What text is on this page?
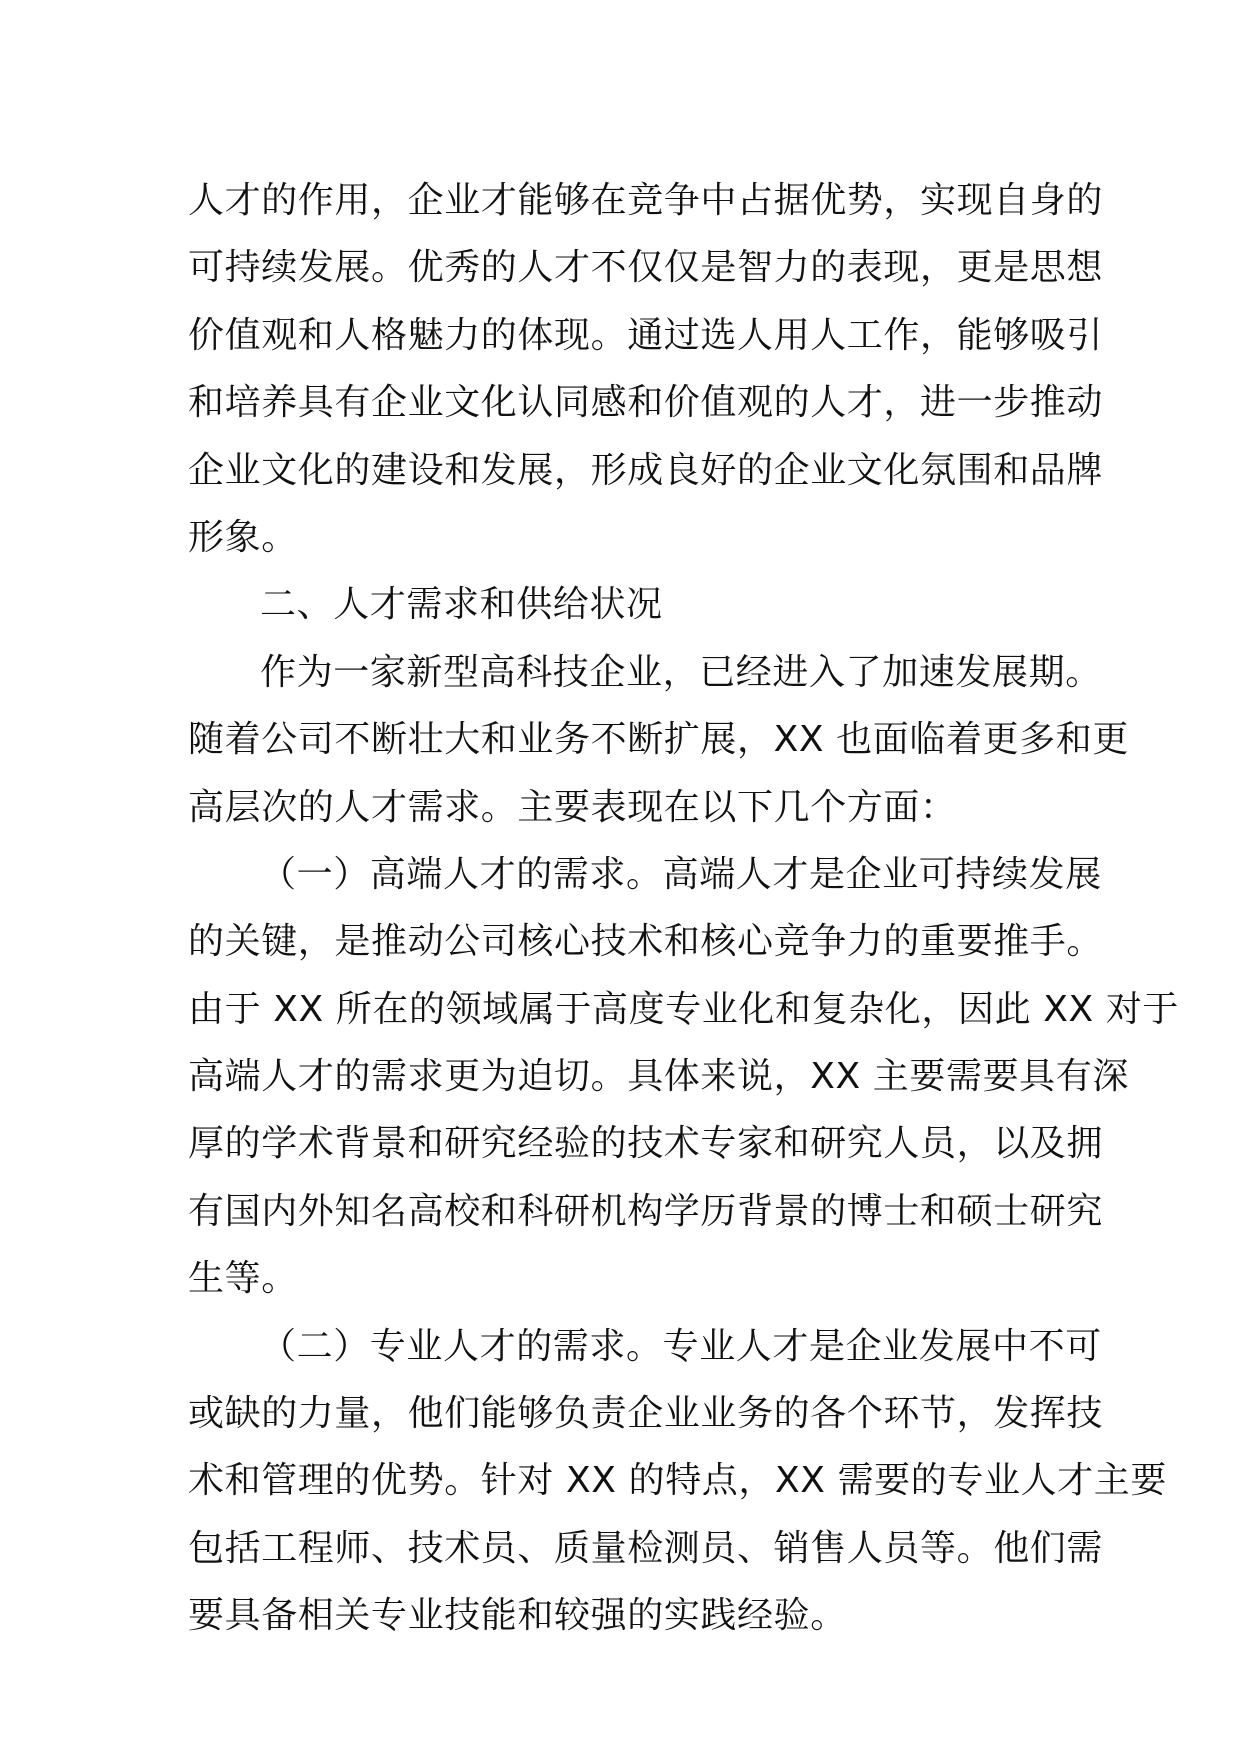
人才的作用，企业才能够在竞争中占据优势，实现自身的
可持续发展。优秀的人才不仅仅是智力的表现，更是思想
价值观和人格魅力的体现。通过选人用人工作，能够吸引
和培养具有企业文化认同感和价值观的人才，进一步推动
企业文化的建设和发展，形成良好的企业文化氛围和品牌
形象。
二、人才需求和供给状况
作为一家新型高科技企业，已经进入了加速发展期。
随着公司不断壮大和业务不断扩展，XX 也面临着更多和更
高层次的人才需求。主要表现在以下几个方面：
（一）高端人才的需求。高端人才是企业可持续发展
的关键，是推动公司核心技术和核心竞争力的重要推手。
由于 XX 所在的领域属于高度专业化和复杂化，因此 XX 对于
高端人才的需求更为迫切。具体来说，XX 主要需要具有深
厚的学术背景和研究经验的技术专家和研究人员，以及拥
有国内外知名高校和科研机构学历背景的博士和硕士研究
生等。
（二）专业人才的需求。专业人才是企业发展中不可
或缺的力量，他们能够负责企业业务的各个环节，发挥技
术和管理的优势。针对 XX 的特点，XX 需要的专业人才主要
包括工程师、技术员、质量检测员、销售人员等。他们需
要具备相关专业技能和较强的实践经验。
